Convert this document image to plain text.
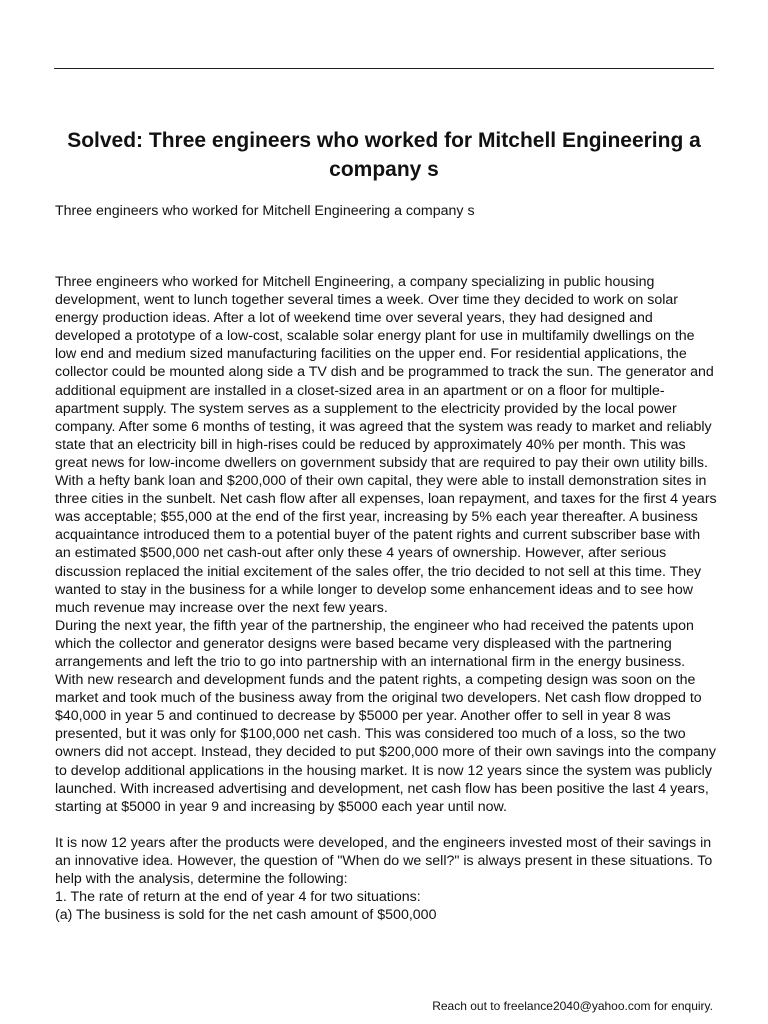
Solved: Three engineers who worked for Mitchell Engineering a company s

Three engineers who worked for Mitchell Engineering a company s

Three engineers who worked for Mitchell Engineering, a company specializing in public housing development, went to lunch together several times a week. Over time they decided to work on solar energy production ideas. After a lot of weekend time over several years, they had designed and developed a prototype of a low-cost, scalable solar energy plant for use in multifamily dwellings on the low end and medium sized manufacturing facilities on the upper end. For residential applications, the collector could be mounted along side a TV dish and be programmed to track the sun. The generator and additional equipment are installed in a closet-sized area in an apartment or on a floor for multiple-apartment supply. The system serves as a supplement to the electricity provided by the local power company. After some 6 months of testing, it was agreed that the system was ready to market and reliably state that an electricity bill in high-rises could be reduced by approximately 40% per month. This was great news for low-income dwellers on government subsidy that are required to pay their own utility bills. With a hefty bank loan and $200,000 of their own capital, they were able to install demonstration sites in three cities in the sunbelt. Net cash flow after all expenses, loan repayment, and taxes for the first 4 years was acceptable; $55,000 at the end of the first year, increasing by 5% each year thereafter. A business acquaintance introduced them to a potential buyer of the patent rights and current subscriber base with an estimated $500,000 net cash-out after only these 4 years of ownership. However, after serious discussion replaced the initial excitement of the sales offer, the trio decided to not sell at this time. They wanted to stay in the business for a while longer to develop some enhancement ideas and to see how much revenue may increase over the next few years.

During the next year, the fifth year of the partnership, the engineer who had received the patents upon which the collector and generator designs were based became very displeased with the partnering arrangements and left the trio to go into partnership with an international firm in the energy business. With new research and development funds and the patent rights, a competing design was soon on the market and took much of the business away from the original two developers. Net cash flow dropped to $40,000 in year 5 and continued to decrease by $5000 per year. Another offer to sell in year 8 was presented, but it was only for $100,000 net cash. This was considered too much of a loss, so the two owners did not accept. Instead, they decided to put $200,000 more of their own savings into the company to develop additional applications in the housing market. It is now 12 years since the system was publicly launched. With increased advertising and development, net cash flow has been positive the last 4 years, starting at $5000 in year 9 and increasing by $5000 each year until now.

It is now 12 years after the products were developed, and the engineers invested most of their savings in an innovative idea. However, the question of "When do we sell?" is always present in these situations. To help with the analysis, determine the following:

1. The rate of return at the end of year 4 for two situations:

(a) The business is sold for the net cash amount of $500,000

Reach out to freelance2040@yahoo.com for enquiry.
